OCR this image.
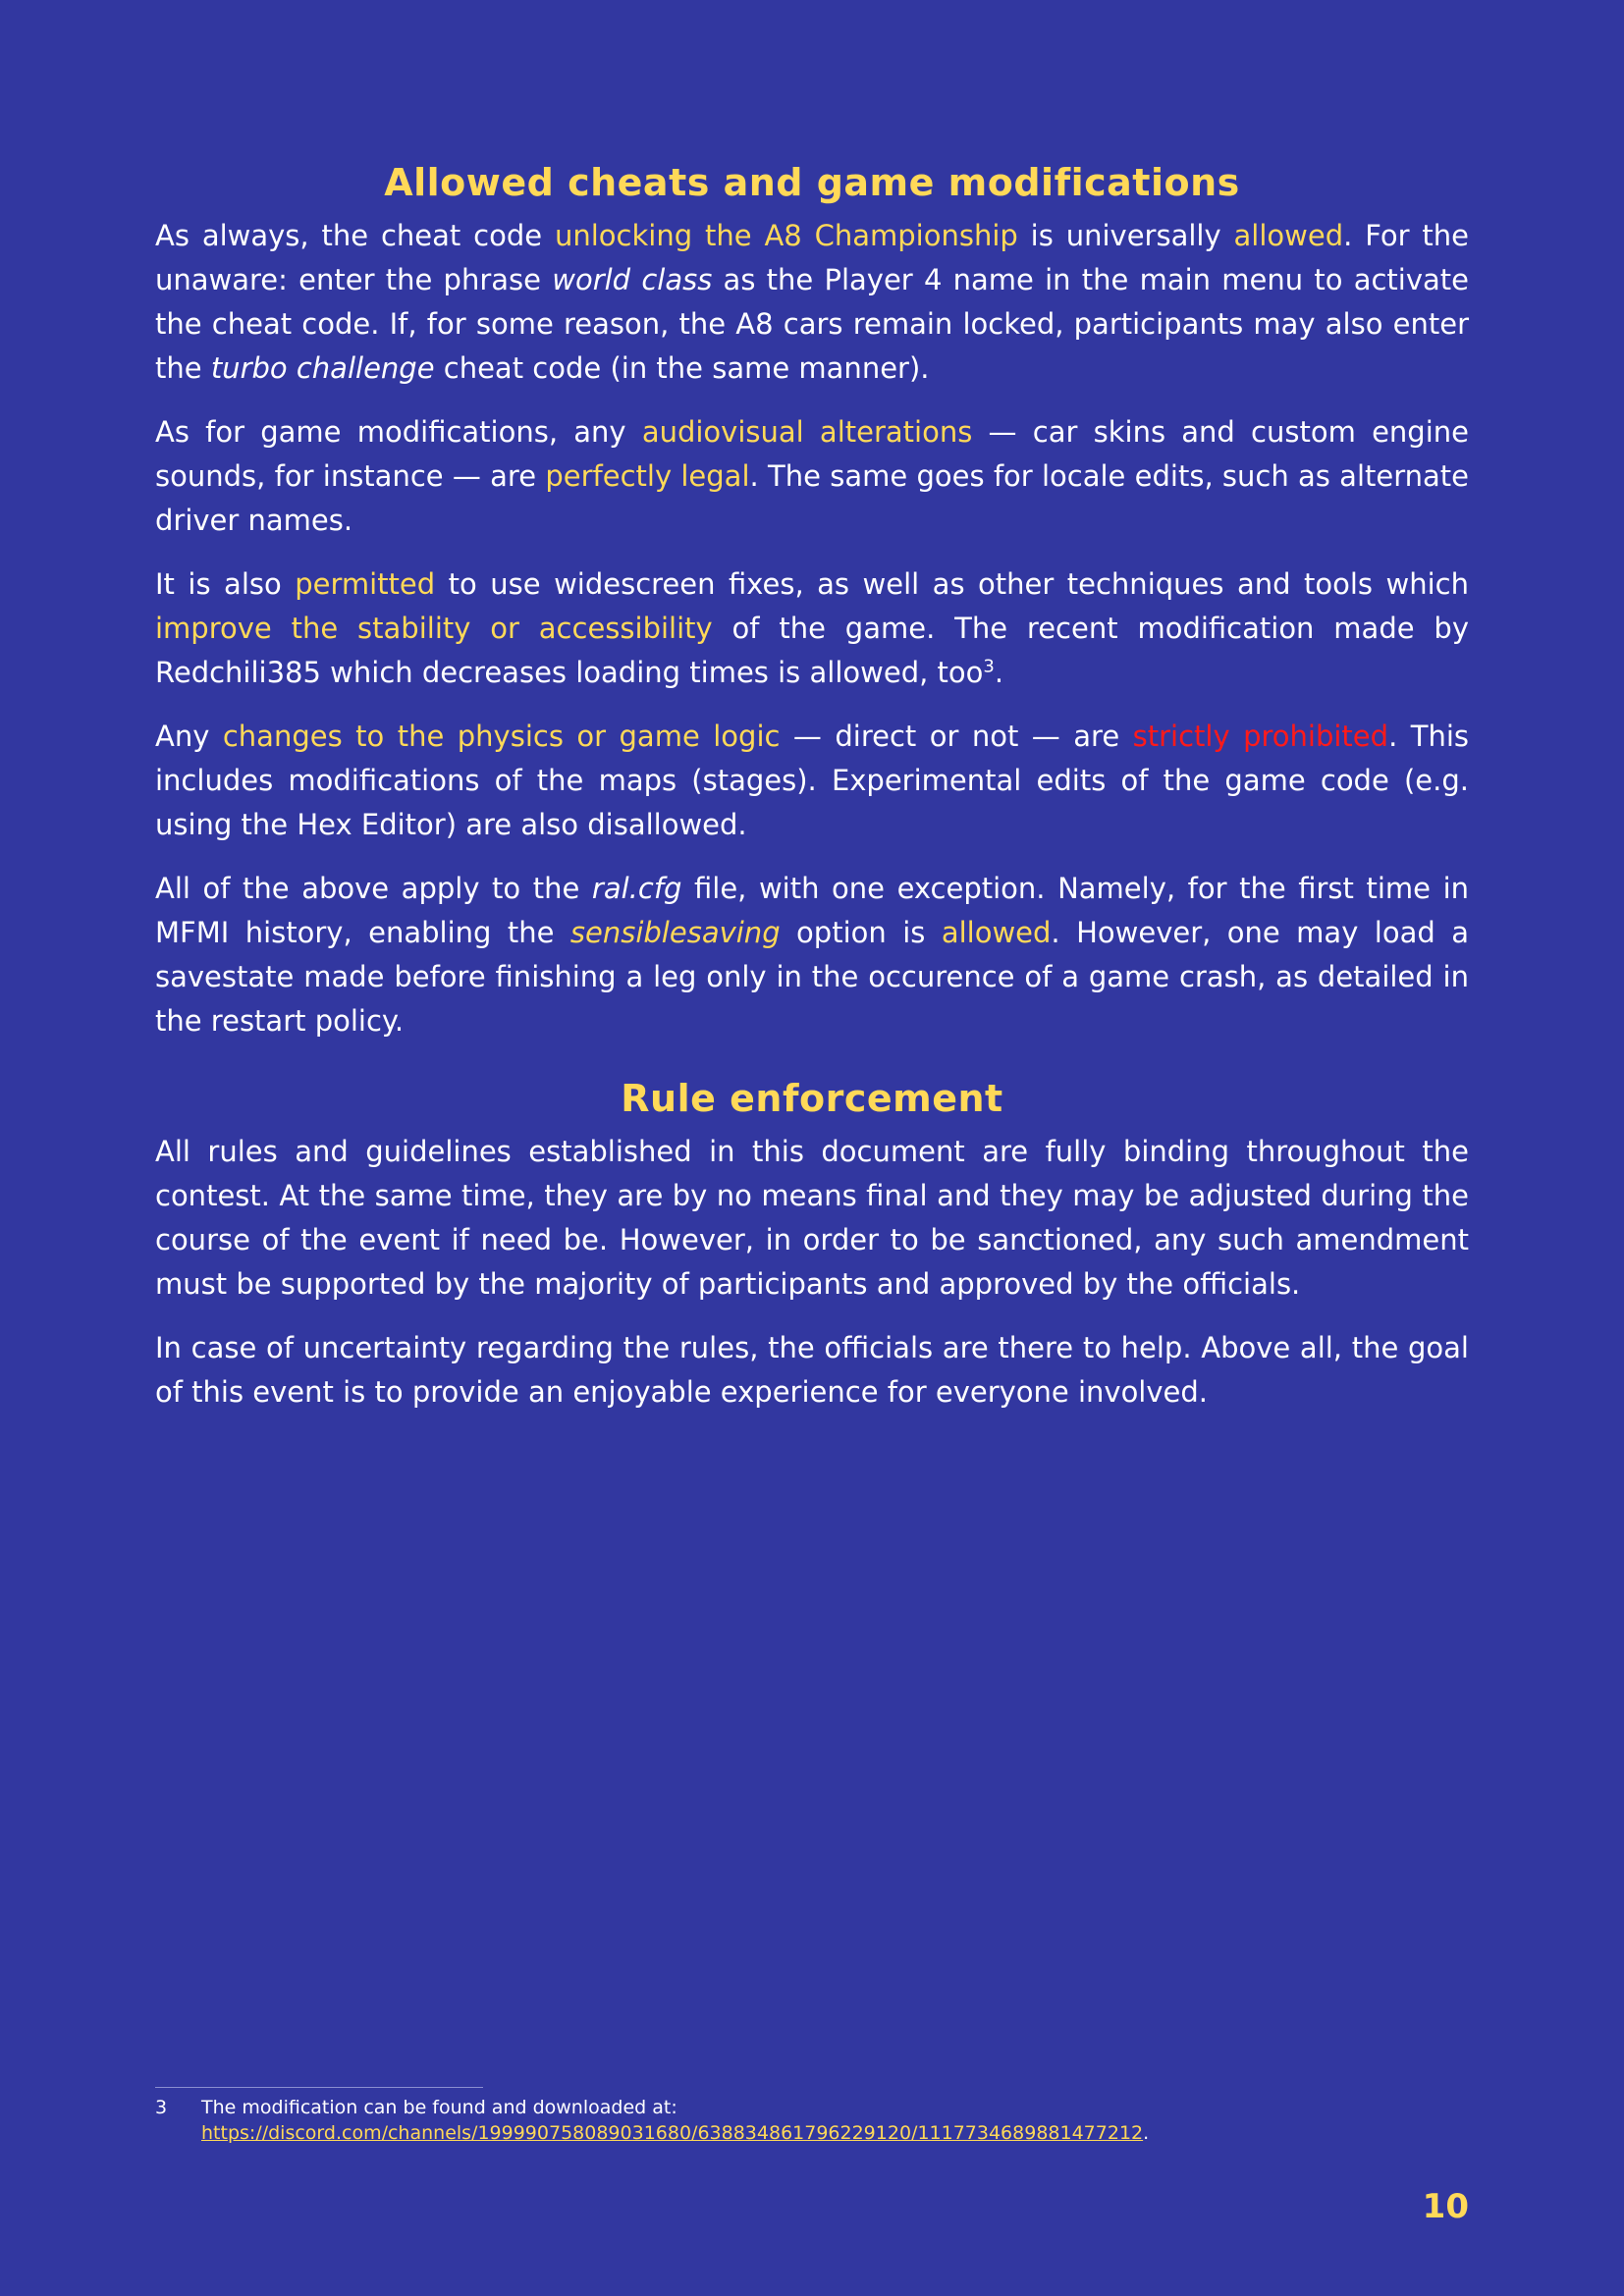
Allowed cheats and game modifications

As always, the cheat code unlocking the A8 Championship is universally allowed. For the unaware: enter the phrase world class as the Player 4 name in the main menu to activate the cheat code. If, for some reason, the A8 cars remain locked, participants may also enter the turbo challenge cheat code (in the same manner).

As for game modifications, any audiovisual alterations — car skins and custom engine sounds, for instance — are perfectly legal. The same goes for locale edits, such as alternate driver names.

It is also permitted to use widescreen fixes, as well as other techniques and tools which improve the stability or accessibility of the game. The recent modification made by Redchili385 which decreases loading times is allowed, too$^3$.

Any changes to the physics or game logic — direct or not — are strictly prohibited. This includes modifications of the maps (stages). Experimental edits of the game code (e.g. using the Hex Editor) are also disallowed.

All of the above apply to the ral.cfg file, with one exception. Namely, for the first time in MFMI history, enabling the sensiblesaving option is allowed. However, one may load a savestate made before finishing a leg only in the occurence of a game crash, as detailed in the restart policy.

Rule enforcement

All rules and guidelines established in this document are fully binding throughout the contest. At the same time, they are by no means final and they may be adjusted during the course of the event if need be. However, in order to be sanctioned, any such amendment must be supported by the majority of participants and approved by the officials.

In case of uncertainty regarding the rules, the officials are there to help. Above all, the goal of this event is to provide an enjoyable experience for everyone involved.

3 The modification can be found and downloaded at:
https://discord.com/channels/199990758089031680/638834861796229120/1117734689881477212.
10
